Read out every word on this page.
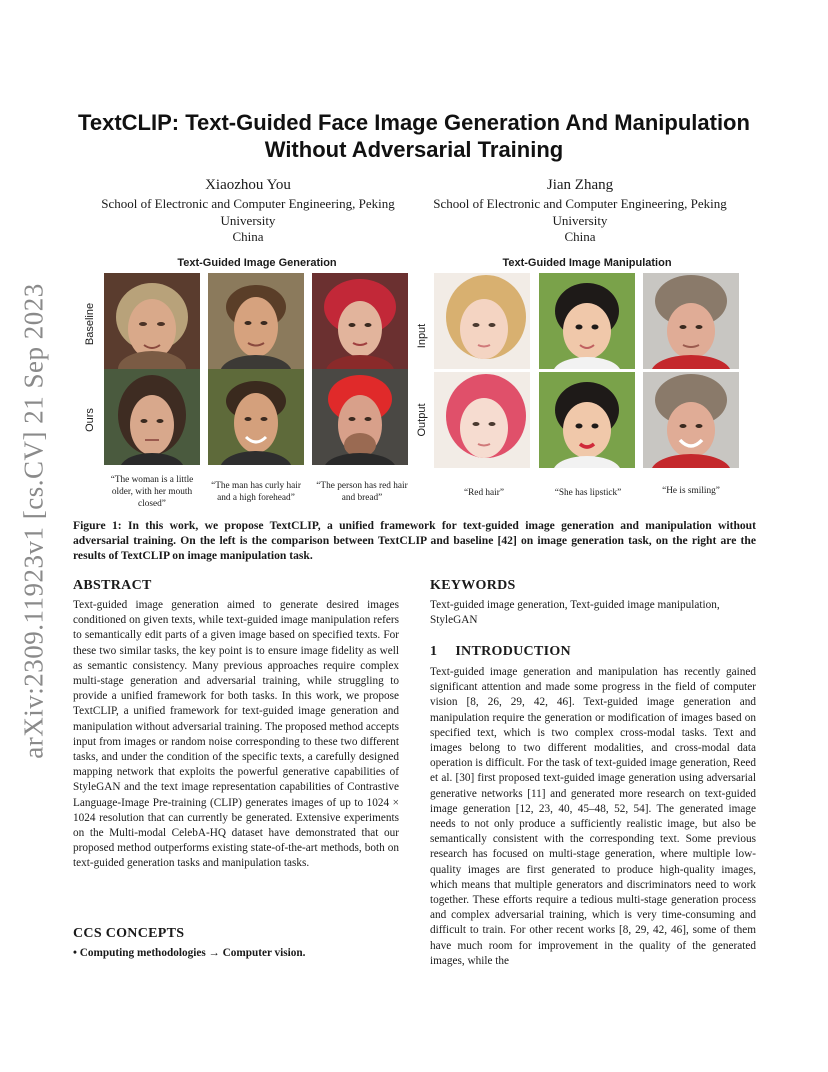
arXiv:2309.11923v1 [cs.CV] 21 Sep 2023
TextCLIP: Text-Guided Face Image Generation And Manipulation Without Adversarial Training
Xiaozhou You
School of Electronic and Computer Engineering, Peking University
China
Jian Zhang
School of Electronic and Computer Engineering, Peking University
China
Text-Guided Image Generation	Text-Guided Image Manipulation
Baseline
Ours
Input
Output
“The woman is a little older, with her mouth closed”
“The man has curly hair and a high forehead”
“The person has red hair and bread”	“Red hair”	“She has lipstick”	“He is smiling”
Figure 1: In this work, we propose TextCLIP, a unified framework for text-guided image generation and manipulation without adversarial training. On the left is the comparison between TextCLIP and baseline [42] on image generation task, on the right are the results of TextCLIP on image manipulation task.
ABSTRACT
Text-guided image generation aimed to generate desired images conditioned on given texts, while text-guided image manipulation refers to semantically edit parts of a given image based on specified texts. For these two similar tasks, the key point is to ensure image fidelity as well as semantic consistency. Many previous approaches require complex multi-stage generation and adversarial training, while struggling to provide a unified framework for both tasks. In this work, we propose TextCLIP, a unified framework for text-guided image generation and manipulation without adversarial training. The proposed method accepts input from images or random noise corresponding to these two different tasks, and under the condition of the specific texts, a carefully designed mapping network that exploits the powerful generative capabilities of StyleGAN and the text image representation capabilities of Contrastive Language-Image Pre-training (CLIP) generates images of up to 1024 × 1024 resolution that can currently be generated. Extensive experiments on the Multi-modal CelebA-HQ dataset have demonstrated that our proposed method outperforms existing state-of-the-art methods, both on text-guided generation tasks and manipulation tasks.
CCS CONCEPTS
• Computing methodologies → Computer vision.
KEYWORDS
Text-guided image generation, Text-guided image manipulation, StyleGAN
1 INTRODUCTION
Text-guided image generation and manipulation has recently gained significant attention and made some progress in the field of computer vision [8, 26, 29, 42, 46]. Text-guided image generation and manipulation require the generation or modification of images based on specified text, which is two complex cross-modal tasks. Text and images belong to two different modalities, and cross-modal data operation is difficult. For the task of text-guided image generation, Reed et al. [30] first proposed text-guided image generation using adversarial generative networks [11] and generated more research on text-guided image generation [12, 23, 40, 45–48, 52, 54]. The generated image needs to not only produce a sufficiently realistic image, but also be semantically consistent with the corresponding text. Some previous research has focused on multi-stage generation, where multiple low-quality images are first generated to produce high-quality images, which means that multiple generators and discriminators need to work together. These efforts require a tedious multi-stage generation process and complex adversarial training, which is very time-consuming and difficult to train. For other recent works [8, 29, 42, 46], some of them have much room for improvement in the quality of the generated images, while the
